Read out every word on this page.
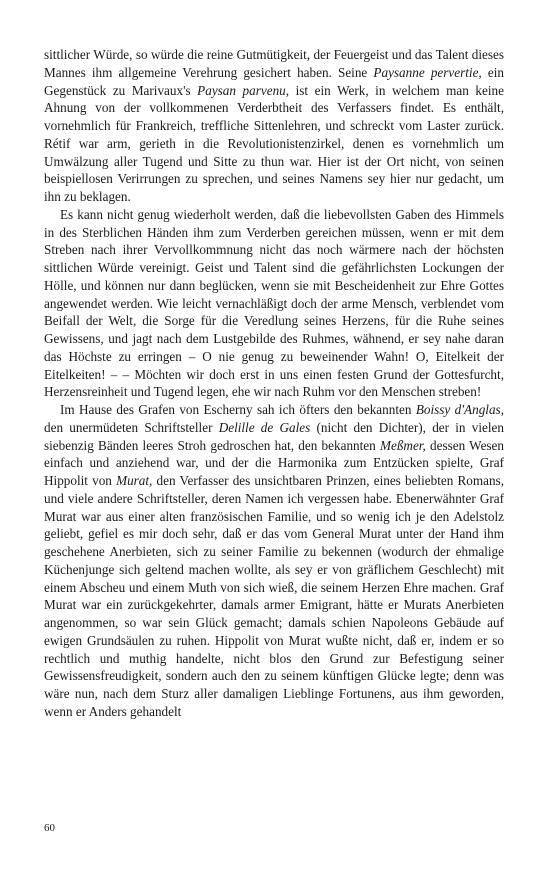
sittlicher Würde, so würde die reine Gutmütigkeit, der Feuergeist und das Talent dieses Mannes ihm allgemeine Verehrung gesichert haben. Seine Paysanne pervertie, ein Gegenstück zu Marivaux's Paysan parvenu, ist ein Werk, in welchem man keine Ahnung von der vollkommenen Verderbtheit des Verfassers findet. Es enthält, vornehmlich für Frankreich, treffliche Sittenlehren, und schreckt vom Laster zurück. Rétif war arm, gerieth in die Revolutionistenzirkel, denen es vornehmlich um Umwälzung aller Tugend und Sitte zu thun war. Hier ist der Ort nicht, von seinen beispiellosen Verirrungen zu sprechen, und seines Namens sey hier nur gedacht, um ihn zu beklagen.

Es kann nicht genug wiederholt werden, daß die liebevollsten Gaben des Himmels in des Sterblichen Händen ihm zum Verderben gereichen müssen, wenn er mit dem Streben nach ihrer Vervollkommnung nicht das noch wärmere nach der höchsten sittlichen Würde vereinigt. Geist und Talent sind die gefährlichsten Lockungen der Hölle, und können nur dann beglücken, wenn sie mit Bescheidenheit zur Ehre Gottes angewendet werden. Wie leicht vernachläßigt doch der arme Mensch, verblendet vom Beifall der Welt, die Sorge für die Veredlung seines Herzens, für die Ruhe seines Gewissens, und jagt nach dem Lustgebilde des Ruhmes, wähnend, er sey nahe daran das Höchste zu erringen – O nie genug zu beweinender Wahn! O, Eitelkeit der Eitelkeiten! – – Möchten wir doch erst in uns einen festen Grund der Gottesfurcht, Herzensreinheit und Tugend legen, ehe wir nach Ruhm vor den Menschen streben!

Im Hause des Grafen von Escherny sah ich öfters den bekannten Boissy d'Anglas, den unermüdeten Schriftsteller Delille de Gales (nicht den Dichter), der in vielen siebenzig Bänden leeres Stroh gedroschen hat, den bekannten Meßmer, dessen Wesen einfach und anziehend war, und der die Harmonika zum Entzücken spielte, Graf Hippolit von Murat, den Verfasser des unsichtbaren Prinzen, eines beliebten Romans, und viele andere Schriftsteller, deren Namen ich vergessen habe. Ebenerwähnter Graf Murat war aus einer alten französischen Familie, und so wenig ich je den Adelstolz geliebt, gefiel es mir doch sehr, daß er das vom General Murat unter der Hand ihm geschehene Anerbieten, sich zu seiner Familie zu bekennen (wodurch der ehmalige Küchenjunge sich geltend machen wollte, als sey er von gräflichem Geschlecht) mit einem Abscheu und einem Muth von sich wieß, die seinem Herzen Ehre machen. Graf Murat war ein zurückgekehrter, damals armer Emigrant, hätte er Murats Anerbieten angenommen, so war sein Glück gemacht; damals schien Napoleons Gebäude auf ewigen Grundsäulen zu ruhen. Hippolit von Murat wußte nicht, daß er, indem er so rechtlich und muthig handelte, nicht blos den Grund zur Befestigung seiner Gewissensfreudigkeit, sondern auch den zu seinem künftigen Glücke legte; denn was wäre nun, nach dem Sturz aller damaligen Lieblinge Fortunens, aus ihm geworden, wenn er Anders gehandelt

60
